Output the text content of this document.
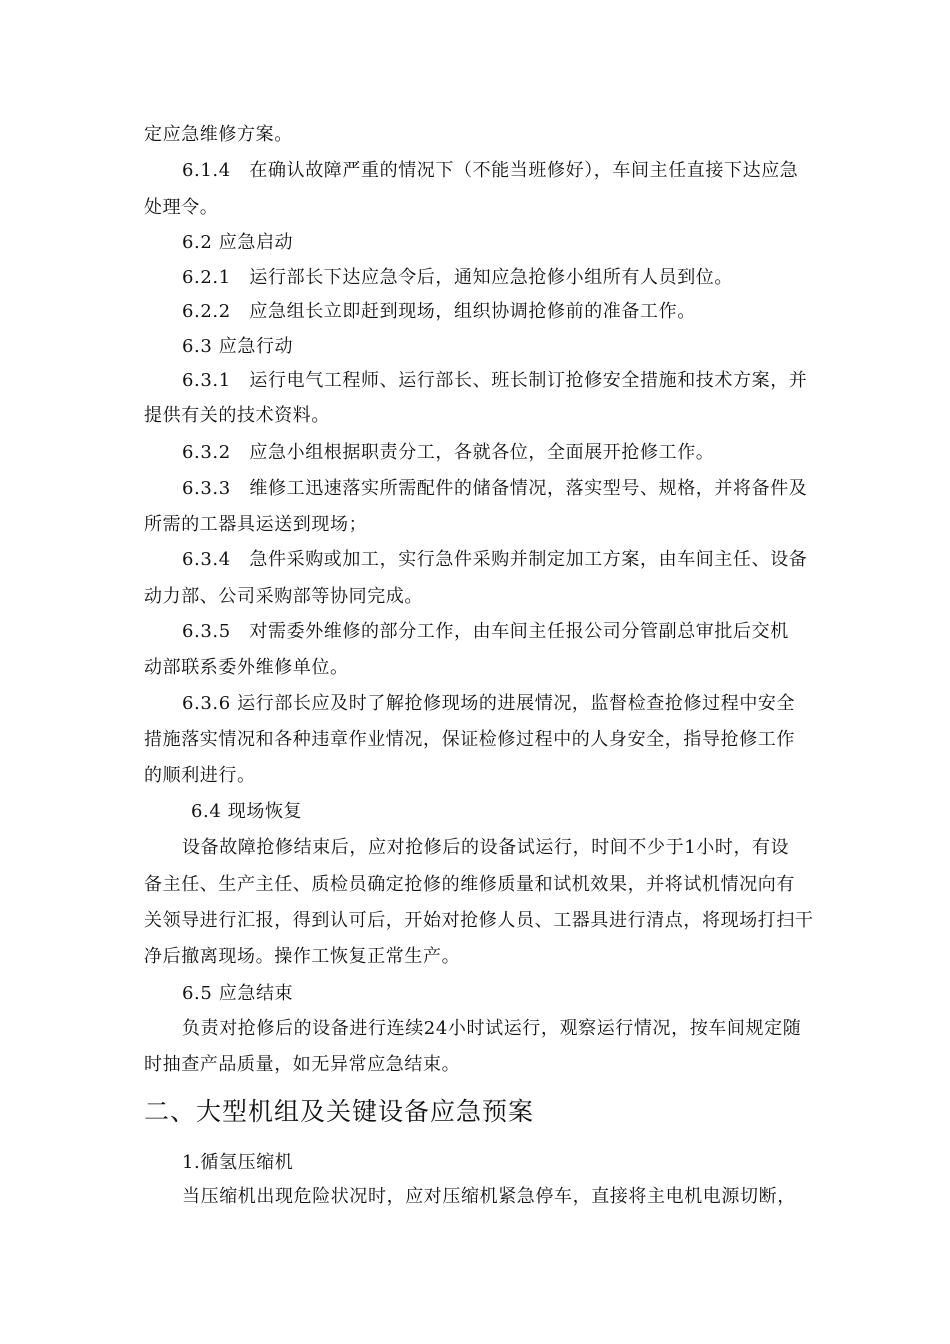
定应急维修方案。
6.1.4　在确认故障严重的情况下（不能当班修好），车间主任直接下达应急
处理令。
6.2 应急启动
6.2.1　运行部长下达应急令后，通知应急抢修小组所有人员到位。
6.2.2　应急组长立即赶到现场，组织协调抢修前的准备工作。
6.3 应急行动
6.3.1　运行电气工程师、运行部长、班长制订抢修安全措施和技术方案，并
提供有关的技术资料。
6.3.2　应急小组根据职责分工，各就各位，全面展开抢修工作。
6.3.3　维修工迅速落实所需配件的储备情况，落实型号、规格，并将备件及
所需的工器具运送到现场；
6.3.4　急件采购或加工，实行急件采购并制定加工方案，由车间主任、设备
动力部、公司采购部等协同完成。
6.3.5　对需委外维修的部分工作，由车间主任报公司分管副总审批后交机
动部联系委外维修单位。
6.3.6 运行部长应及时了解抢修现场的进展情况，监督检查抢修过程中安全
措施落实情况和各种违章作业情况，保证检修过程中的人身安全，指导抢修工作
的顺利进行。
6.4 现场恢复
设备故障抢修结束后，应对抢修后的设备试运行，时间不少于1小时，有设
备主任、生产主任、质检员确定抢修的维修质量和试机效果，并将试机情况向有
关领导进行汇报，得到认可后，开始对抢修人员、工器具进行清点，将现场打扫干
净后撤离现场。操作工恢复正常生产。
6.5 应急结束
负责对抢修后的设备进行连续24小时试运行，观察运行情况，按车间规定随
时抽查产品质量，如无异常应急结束。
二、大型机组及关键设备应急预案
1.循氢压缩机
当压缩机出现危险状况时，应对压缩机紧急停车，直接将主电机电源切断，
